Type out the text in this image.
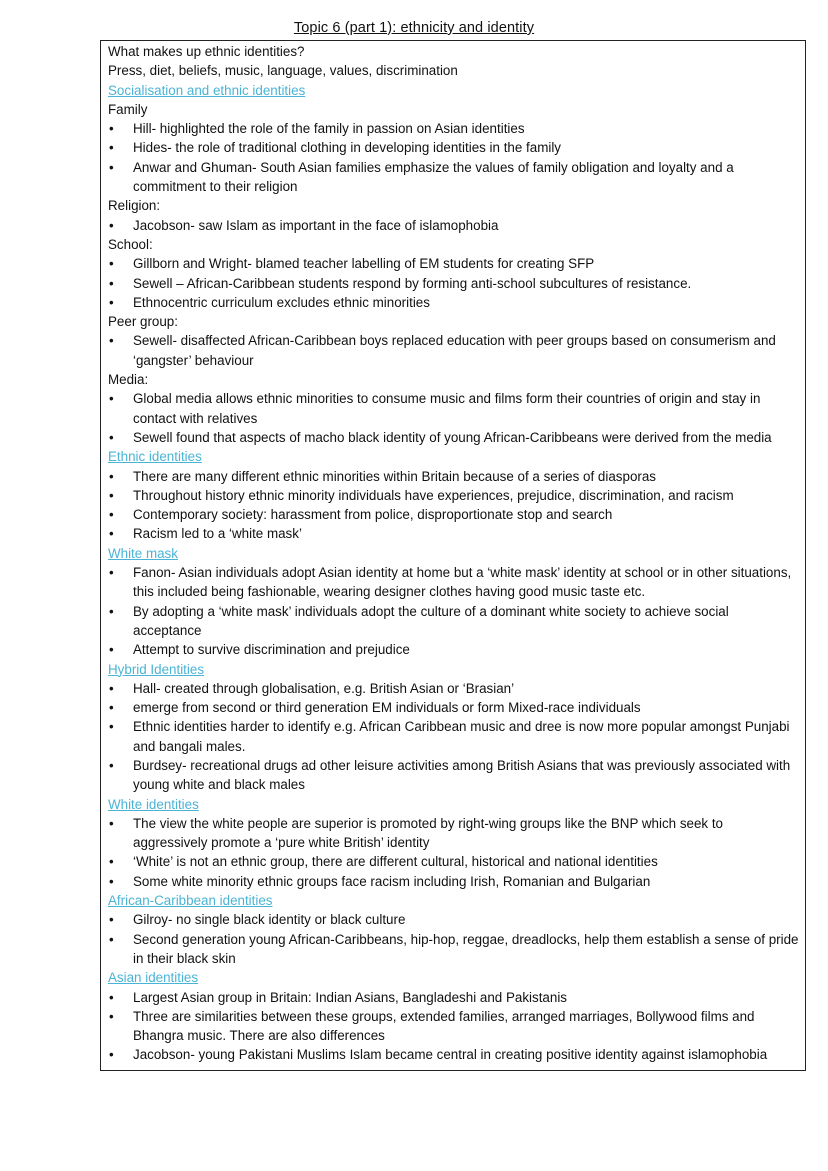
Topic 6 (part 1): ethnicity and identity
What makes up ethnic identities?
Press, diet, beliefs, music, language, values, discrimination
Socialisation and ethnic identities
Family
• Hill- highlighted the role of the family in passion on Asian identities
• Hides- the role of traditional clothing in developing identities in the family
• Anwar and Ghuman- South Asian families emphasize the values of family obligation and loyalty and a commitment to their religion
Religion:
• Jacobson- saw Islam as important in the face of islamophobia
School:
• Gillborn and Wright- blamed teacher labelling of EM students for creating SFP
• Sewell – African-Caribbean students respond by forming anti-school subcultures of resistance.
• Ethnocentric curriculum excludes ethnic minorities
Peer group:
• Sewell- disaffected African-Caribbean boys replaced education with peer groups based on consumerism and ‘gangster’ behaviour
Media:
• Global media allows ethnic minorities to consume music and films form their countries of origin and stay in contact with relatives
• Sewell found that aspects of macho black identity of young African-Caribbeans were derived from the media
Ethnic identities
• There are many different ethnic minorities within Britain because of a series of diasporas
• Throughout history ethnic minority individuals have experiences, prejudice, discrimination, and racism
• Contemporary society: harassment from police, disproportionate stop and search
• Racism led to a ‘white mask’
White mask
• Fanon- Asian individuals adopt Asian identity at home but a ‘white mask’ identity at school or in other situations, this included being fashionable, wearing designer clothes having good music taste etc.
• By adopting a ‘white mask’ individuals adopt the culture of a dominant white society to achieve social acceptance
• Attempt to survive discrimination and prejudice
Hybrid Identities
• Hall- created through globalisation, e.g. British Asian or ‘Brasian’
• emerge from second or third generation EM individuals or form Mixed-race individuals
• Ethnic identities harder to identify e.g. African Caribbean music and dree is now more popular amongst Punjabi and bangali males.
• Burdsey- recreational drugs ad other leisure activities among British Asians that was previously associated with young white and black males
White identities
• The view the white people are superior is promoted by right-wing groups like the BNP which seek to aggressively promote a ‘pure white British’ identity
• ‘White’ is not an ethnic group, there are different cultural, historical and national identities
• Some white minority ethnic groups face racism including Irish, Romanian and Bulgarian
African-Caribbean identities
• Gilroy- no single black identity or black culture
• Second generation young African-Caribbeans, hip-hop, reggae, dreadlocks, help them establish a sense of pride in their black skin
Asian identities
• Largest Asian group in Britain: Indian Asians, Bangladeshi and Pakistanis
• Three are similarities between these groups, extended families, arranged marriages, Bollywood films and Bhangra music. There are also differences
• Jacobson- young Pakistani Muslims Islam became central in creating positive identity against islamophobia
